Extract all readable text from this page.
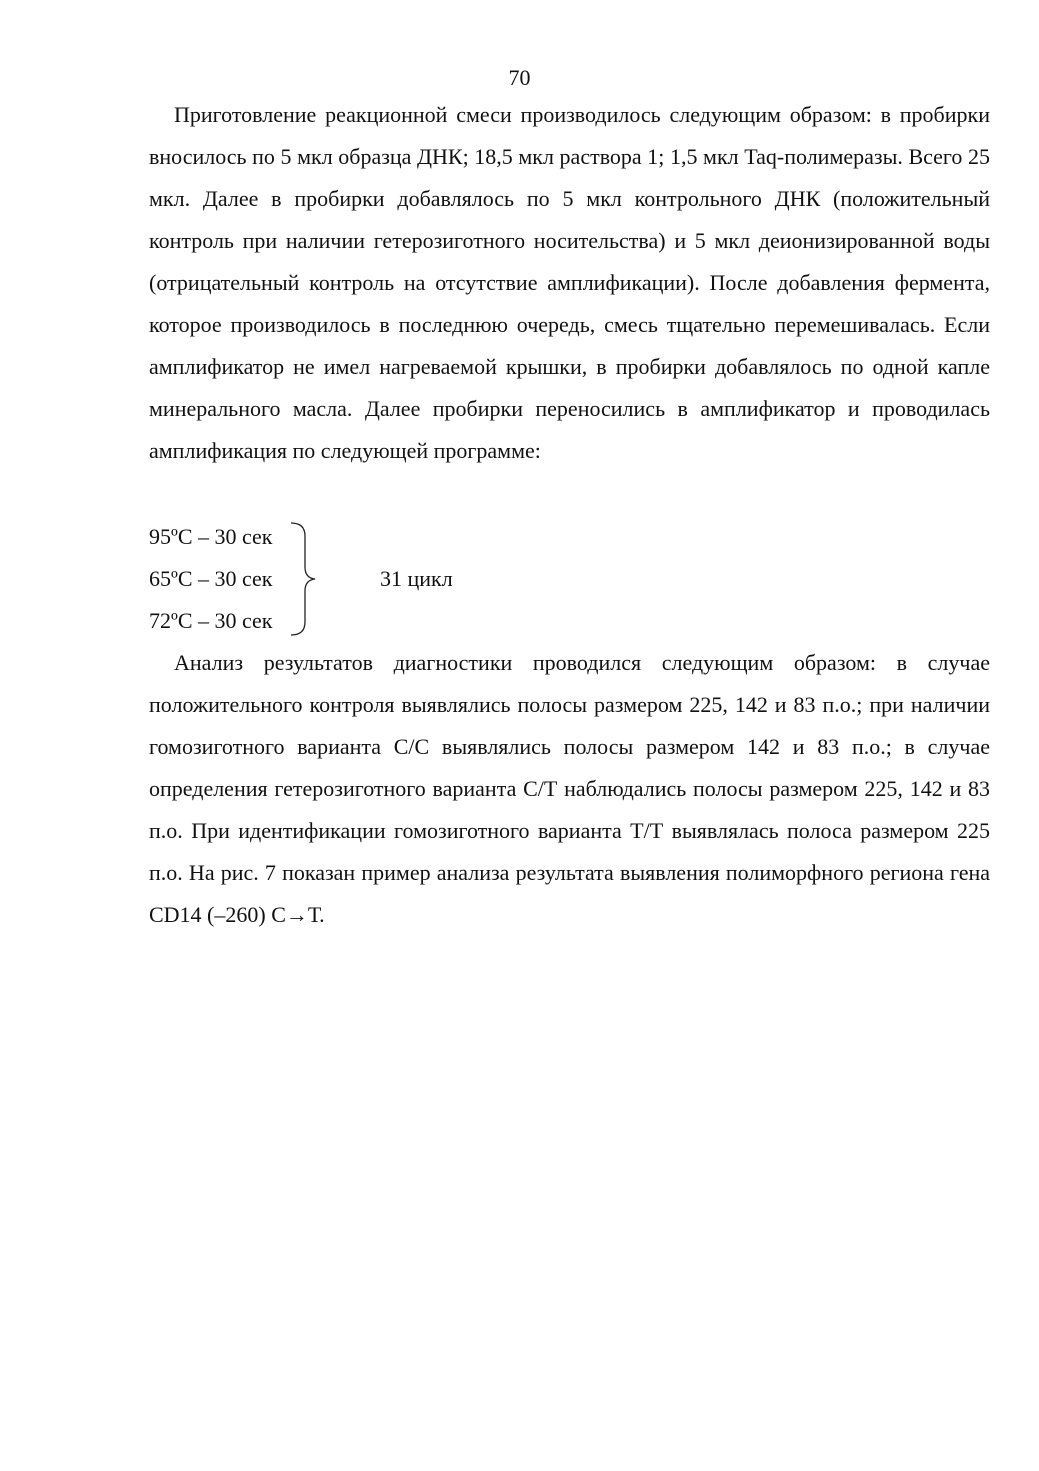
70

Приготовление реакционной смеси производилось следующим образом: в пробирки вносилось по 5 мкл образца ДНК; 18,5 мкл раствора 1; 1,5 мкл Taq-полимеразы. Всего 25 мкл. Далее в пробирки добавлялось по 5 мкл контрольного ДНК (положительный контроль при наличии гетерозиготного носительства) и 5 мкл деионизированной воды (отрицательный контроль на отсутствие амплификации). После добавления фермента, которое производилось в последнюю очередь, смесь тщательно перемешивалась. Если амплификатор не имел нагреваемой крышки, в пробирки добавлялось по одной капле минерального масла. Далее пробирки переносились в амплификатор и проводилась амплификация по следующей программе:

95ºC – 30 сек
65ºC – 30 сек
72ºC – 30 сек
31 цикл

Анализ результатов диагностики проводился следующим образом: в случае положительного контроля выявлялись полосы размером 225, 142 и 83 п.о.; при наличии гомозиготного варианта С/С выявлялись полосы размером 142 и 83 п.о.; в случае определения гетерозиготного варианта С/Т наблюдались полосы размером 225, 142 и 83 п.о. При идентификации гомозиготного варианта Т/Т выявлялась полоса размером 225 п.о. На рис. 7 показан пример анализа результата выявления полиморфного региона гена CD14 (–260) С→Т.
